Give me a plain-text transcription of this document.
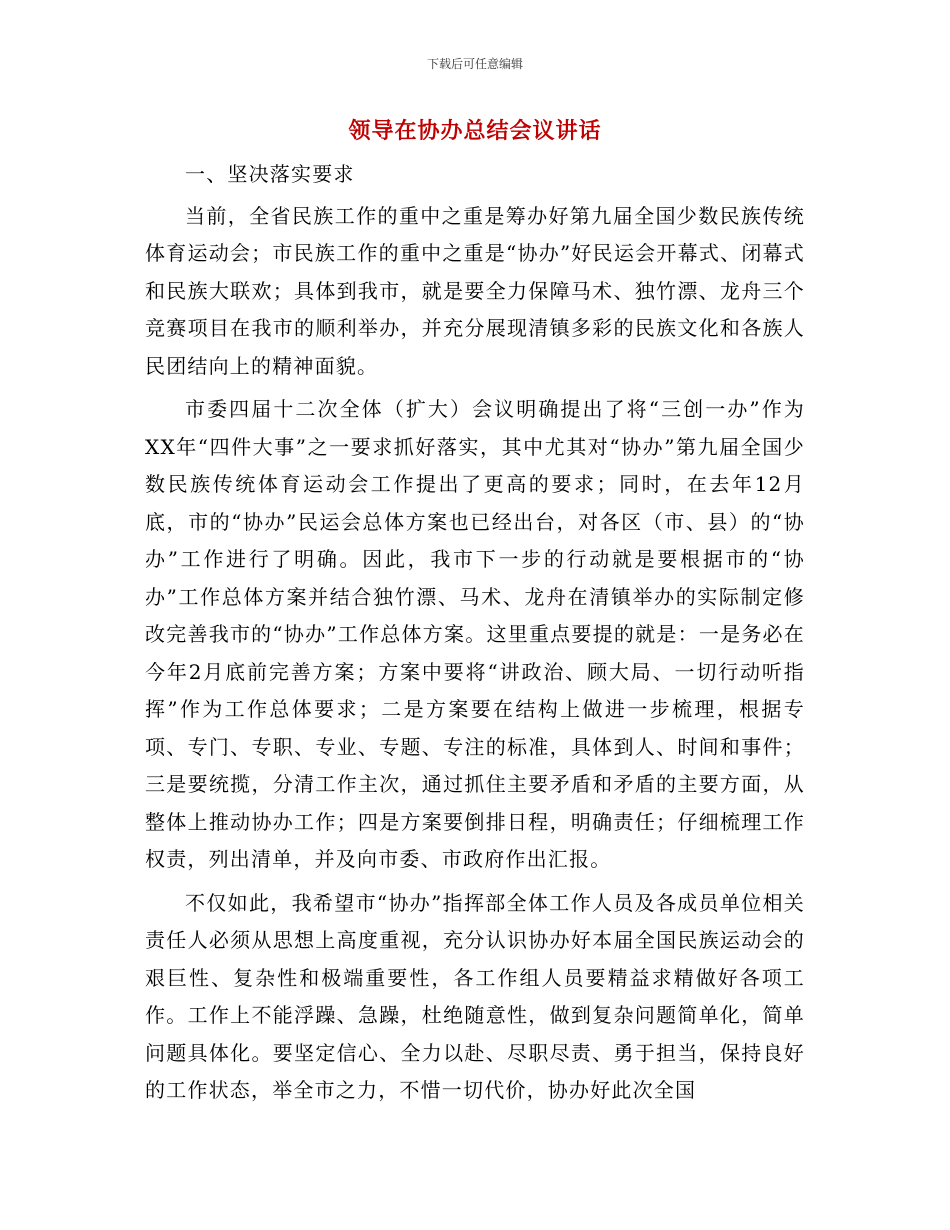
下载后可任意编辑
领导在协办总结会议讲话

一、坚决落实要求

当前，全省民族工作的重中之重是筹办好第九届全国少数民族传统体育运动会；市民族工作的重中之重是“协办”好民运会开幕式、闭幕式和民族大联欢；具体到我市，就是要全力保障马术、独竹漂、龙舟三个竞赛项目在我市的顺利举办，并充分展现清镇多彩的民族文化和各族人民团结向上的精神面貌。

市委四届十二次全体（扩大）会议明确提出了将“三创一办”作为XX年“四件大事”之一要求抓好落实，其中尤其对“协办”第九届全国少数民族传统体育运动会工作提出了更高的要求；同时，在去年12月底，市的“协办”民运会总体方案也已经出台，对各区（市、县）的“协办”工作进行了明确。因此，我市下一步的行动就是要根据市的“协办”工作总体方案并结合独竹漂、马术、龙舟在清镇举办的实际制定修改完善我市的“协办”工作总体方案。这里重点要提的就是：一是务必在今年2月底前完善方案；方案中要将“讲政治、顾大局、一切行动听指挥”作为工作总体要求；二是方案要在结构上做进一步梳理，根据专项、专门、专职、专业、专题、专注的标准，具体到人、时间和事件；三是要统揽，分清工作主次，通过抓住主要矛盾和矛盾的主要方面，从整体上推动协办工作；四是方案要倒排日程，明确责任；仔细梳理工作权责，列出清单，并及向市委、市政府作出汇报。

不仅如此，我希望市“协办”指挥部全体工作人员及各成员单位相关责任人必须从思想上高度重视，充分认识协办好本届全国民族运动会的艰巨性、复杂性和极端重要性，各工作组人员要精益求精做好各项工作。工作上不能浮躁、急躁，杜绝随意性，做到复杂问题简单化，简单问题具体化。要坚定信心、全力以赴、尽职尽责、勇于担当，保持良好的工作状态，举全市之力，不惜一切代价，协办好此次全国
